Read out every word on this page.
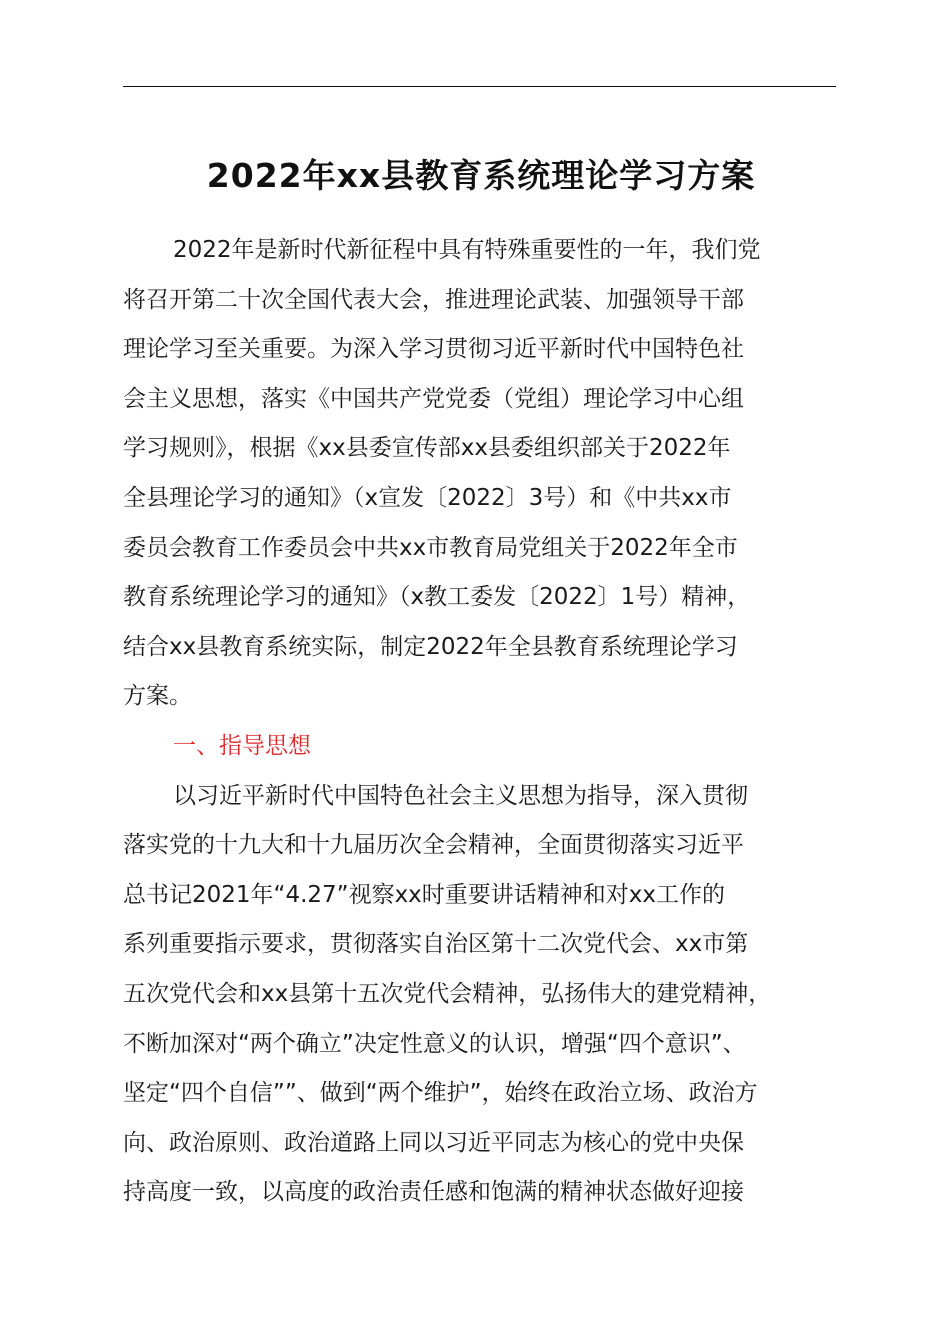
2022年xx县教育系统理论学习方案
2022年是新时代新征程中具有特殊重要性的一年，我们党
将召开第二十次全国代表大会，推进理论武装、加强领导干部
理论学习至关重要。为深入学习贯彻习近平新时代中国特色社
会主义思想，落实《中国共产党党委（党组）理论学习中心组
学习规则》，根据《xx县委宣传部xx县委组织部关于2022年
全县理论学习的通知》（x宣发〔2022〕3号）和《中共xx市
委员会教育工作委员会中共xx市教育局党组关于2022年全市
教育系统理论学习的通知》（x教工委发〔2022〕1号）精神，
结合xx县教育系统实际，制定2022年全县教育系统理论学习
方案。
一、指导思想
以习近平新时代中国特色社会主义思想为指导，深入贯彻
落实党的十九大和十九届历次全会精神，全面贯彻落实习近平
总书记2021年“4.27”视察xx时重要讲话精神和对xx工作的
系列重要指示要求，贯彻落实自治区第十二次党代会、xx市第
五次党代会和xx县第十五次党代会精神，弘扬伟大的建党精神，
不断加深对“两个确立”决定性意义的认识，增强“四个意识”、
坚定“四个自信””、做到“两个维护”，始终在政治立场、政治方
向、政治原则、政治道路上同以习近平同志为核心的党中央保
持高度一致，以高度的政治责任感和饱满的精神状态做好迎接
